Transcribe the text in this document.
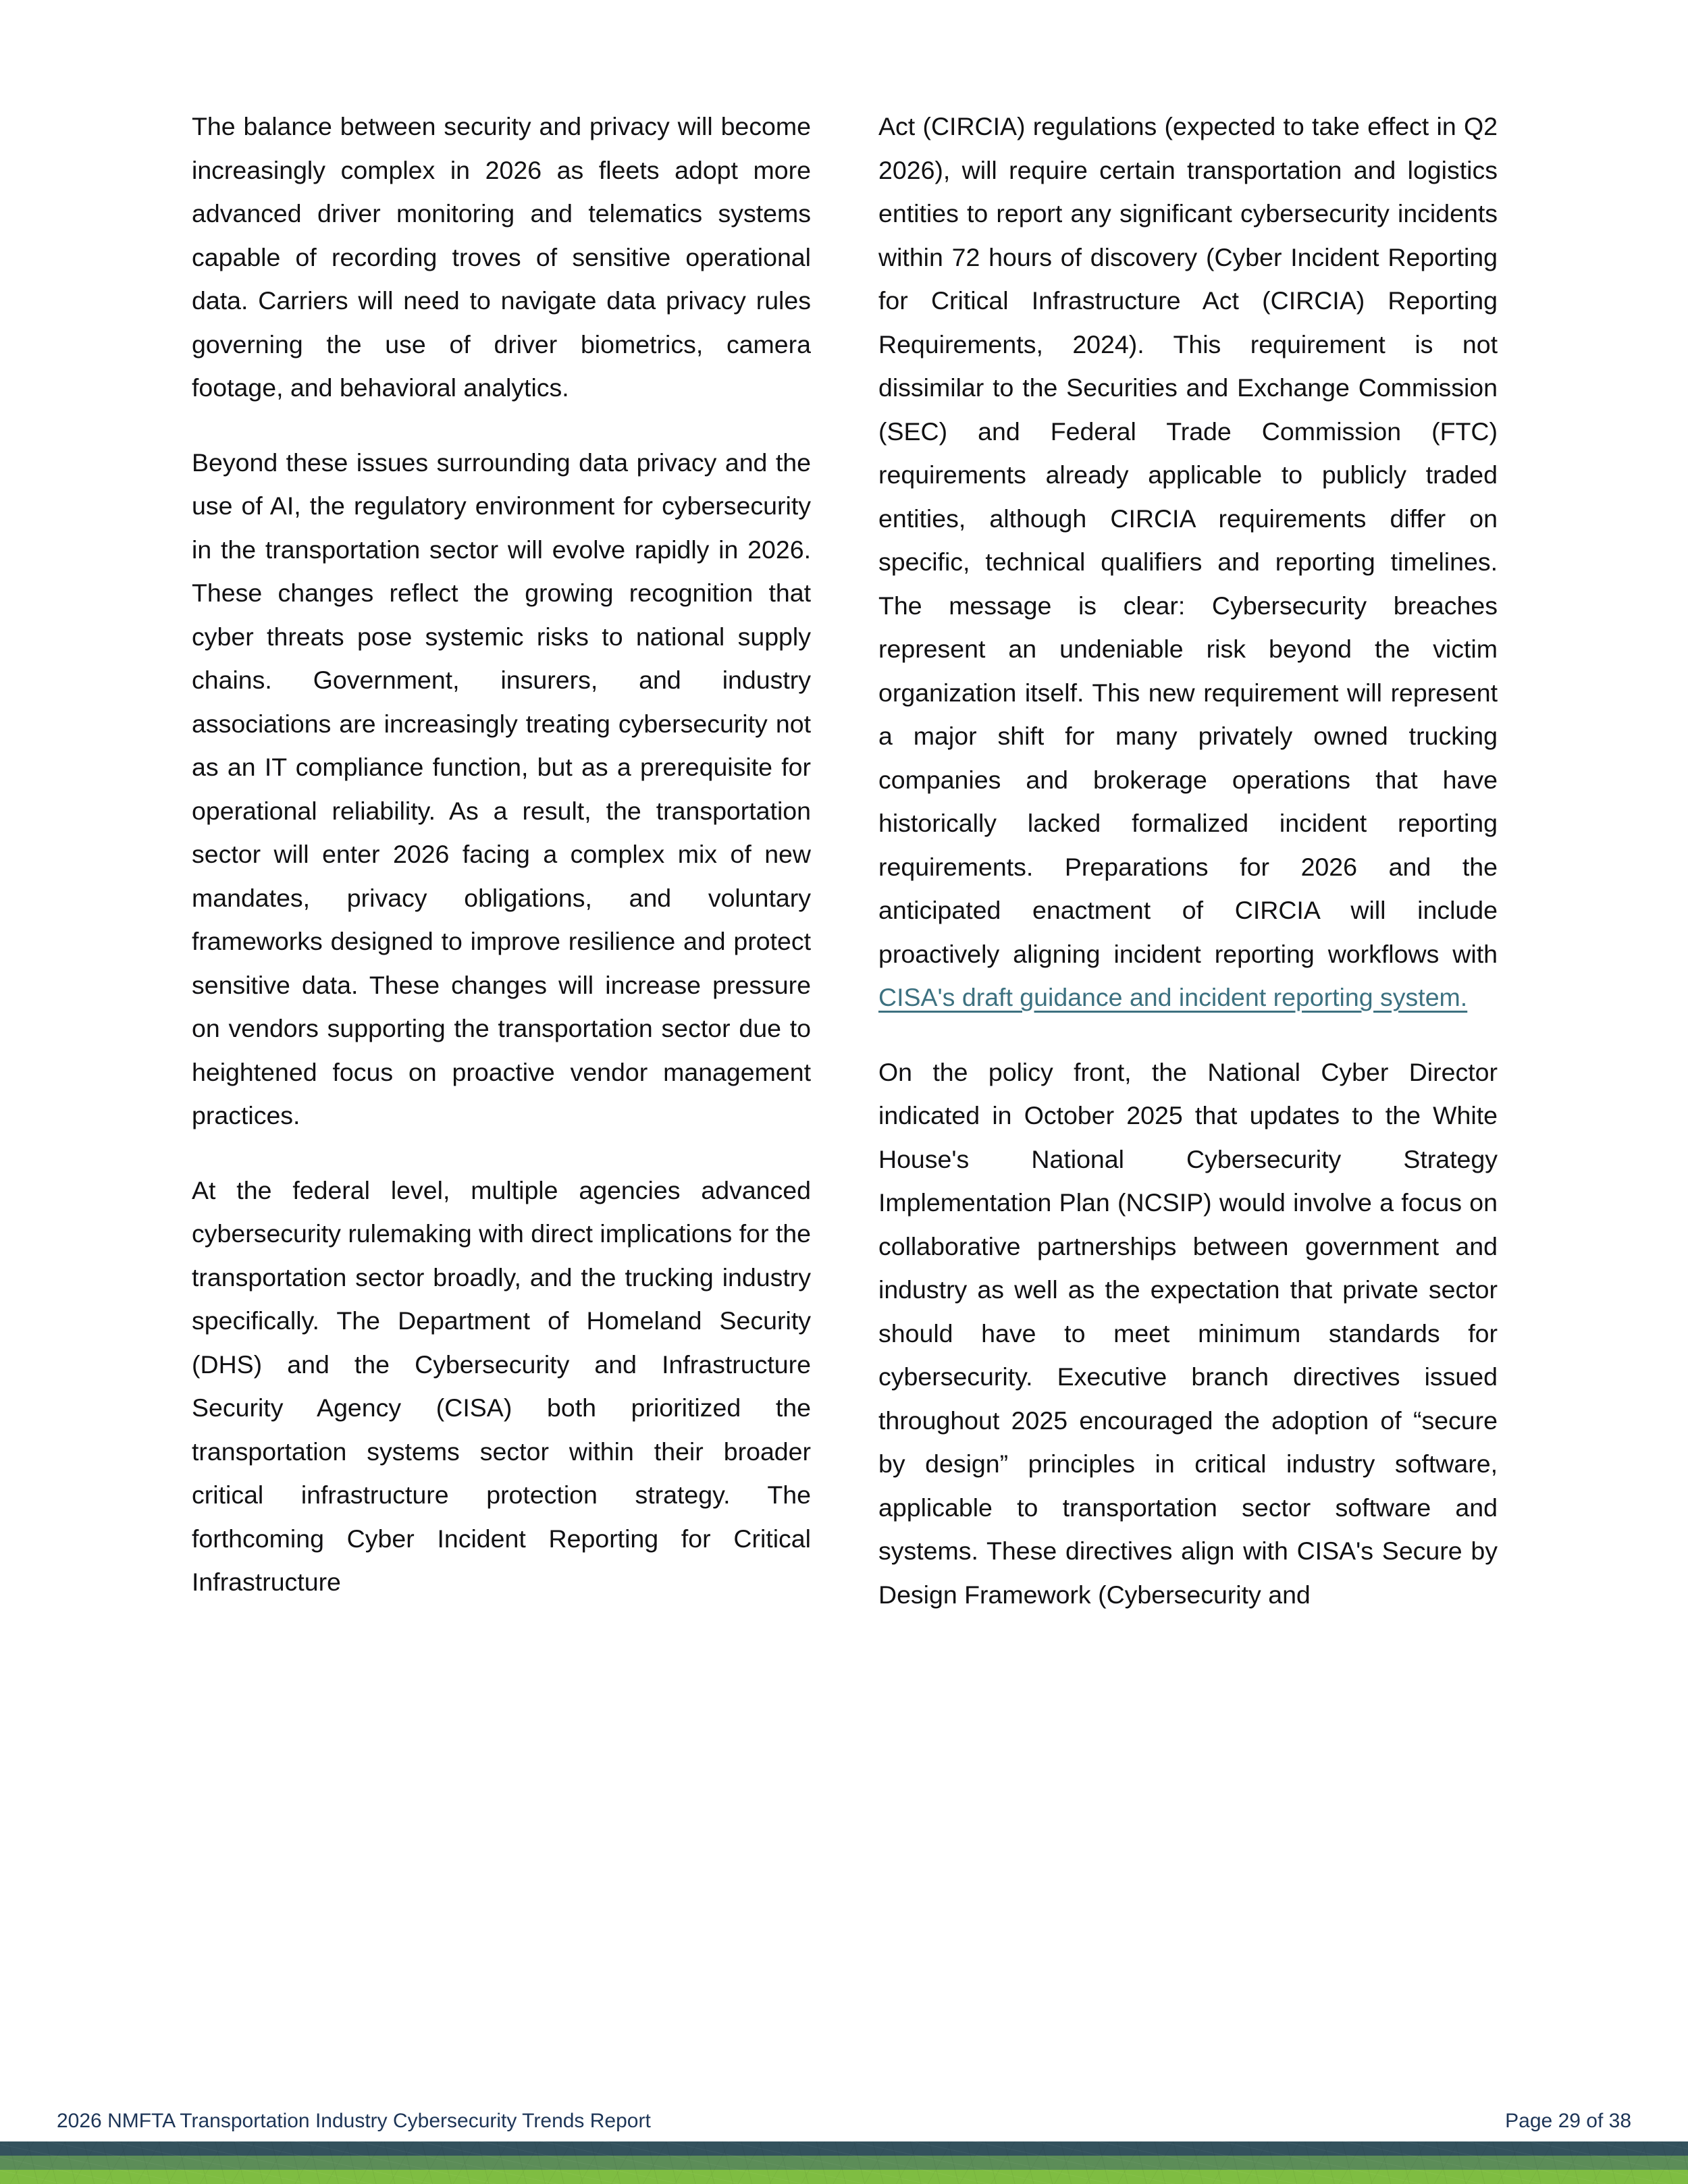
The balance between security and privacy will become increasingly complex in 2026 as fleets adopt more advanced driver monitoring and telematics systems capable of recording troves of sensitive operational data. Carriers will need to navigate data privacy rules governing the use of driver biometrics, camera footage, and behavioral analytics.

Beyond these issues surrounding data privacy and the use of AI, the regulatory environment for cybersecurity in the transportation sector will evolve rapidly in 2026. These changes reflect the growing recognition that cyber threats pose systemic risks to national supply chains. Government, insurers, and industry associations are increasingly treating cybersecurity not as an IT compliance function, but as a prerequisite for operational reliability. As a result, the transportation sector will enter 2026 facing a complex mix of new mandates, privacy obligations, and voluntary frameworks designed to improve resilience and protect sensitive data. These changes will increase pressure on vendors supporting the transportation sector due to heightened focus on proactive vendor management practices.

At the federal level, multiple agencies advanced cybersecurity rulemaking with direct implications for the transportation sector broadly, and the trucking industry specifically. The Department of Homeland Security (DHS) and the Cybersecurity and Infrastructure Security Agency (CISA) both prioritized the transportation systems sector within their broader critical infrastructure protection strategy. The forthcoming Cyber Incident Reporting for Critical Infrastructure

Act (CIRCIA) regulations (expected to take effect in Q2 2026), will require certain transportation and logistics entities to report any significant cybersecurity incidents within 72 hours of discovery (Cyber Incident Reporting for Critical Infrastructure Act (CIRCIA) Reporting Requirements, 2024). This requirement is not dissimilar to the Securities and Exchange Commission (SEC) and Federal Trade Commission (FTC) requirements already applicable to publicly traded entities, although CIRCIA requirements differ on specific, technical qualifiers and reporting timelines. The message is clear: Cybersecurity breaches represent an undeniable risk beyond the victim organization itself. This new requirement will represent a major shift for many privately owned trucking companies and brokerage operations that have historically lacked formalized incident reporting requirements. Preparations for 2026 and the anticipated enactment of CIRCIA will include proactively aligning incident reporting workflows with CISA's draft guidance and incident reporting system.

On the policy front, the National Cyber Director indicated in October 2025 that updates to the White House's National Cybersecurity Strategy Implementation Plan (NCSIP) would involve a focus on collaborative partnerships between government and industry as well as the expectation that private sector should have to meet minimum standards for cybersecurity. Executive branch directives issued throughout 2025 encouraged the adoption of “secure by design” principles in critical industry software, applicable to transportation sector software and systems. These directives align with CISA's Secure by Design Framework (Cybersecurity and

2026 NMFTA Transportation Industry Cybersecurity Trends Report	Page 29 of 38
